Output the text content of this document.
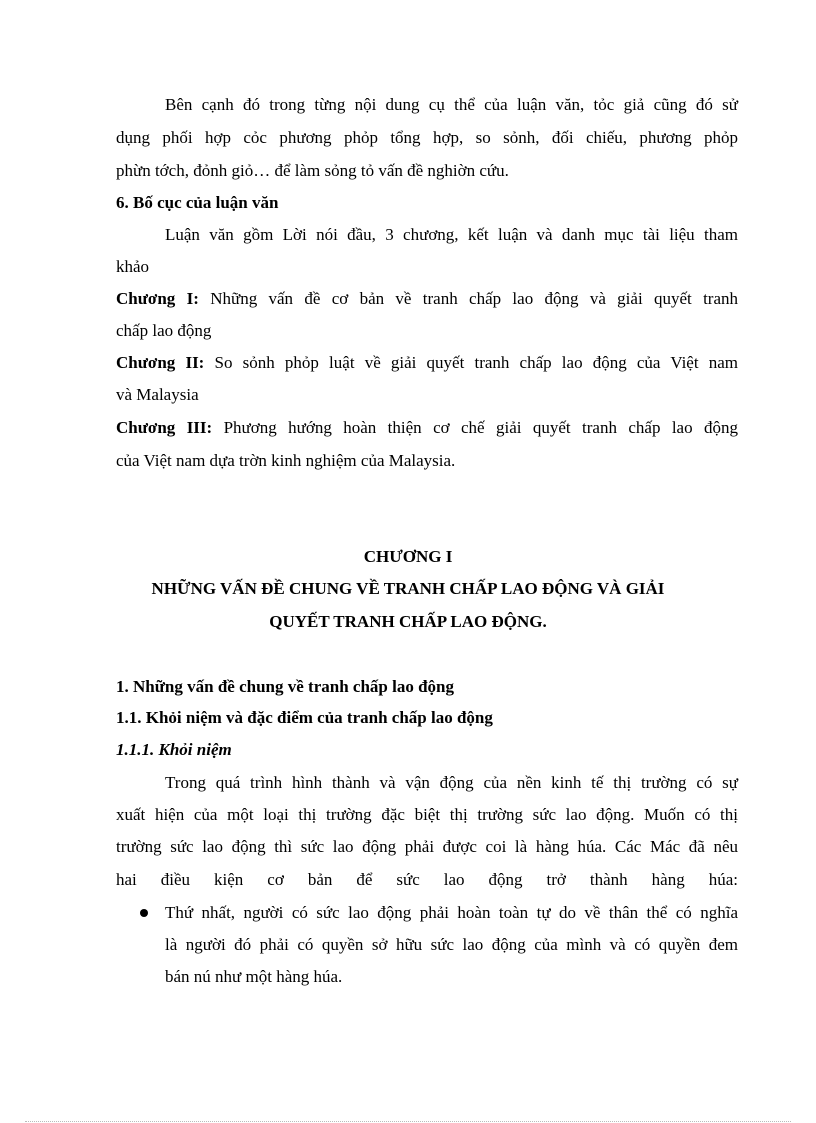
Bên cạnh đó trong từng nội dung cụ thể của luận văn, tỏc giả cũng đó sử
dụng phối hợp cỏc phương phỏp tổng hợp, so sỏnh, đối chiếu, phương phỏp
phừn tớch, đỏnh giỏ… để làm sỏng tỏ vấn đề nghiờn cứu.
6. Bố cục của luận văn
Luận văn gồm Lời nói đầu, 3 chương, kết luận và danh mục tài liệu tham
khảo
Chương I: Những vấn đề cơ bản về tranh chấp lao động và giải quyết tranh
chấp lao động
Chương II: So sỏnh phỏp luật về giải quyết tranh chấp lao động của Việt nam
và Malaysia
Chương III: Phương hướng hoàn thiện cơ chế giải quyết tranh chấp lao động
của Việt nam dựa trờn kinh nghiệm của Malaysia.
CHƯƠNG I
NHỮNG VẤN ĐỀ CHUNG VỀ TRANH CHẤP LAO ĐỘNG VÀ GIẢI
QUYẾT TRANH CHẤP LAO ĐỘNG.
1. Những vấn đề chung về tranh chấp lao động
1.1. Khỏi niệm và đặc điểm của tranh chấp lao động
1.1.1. Khỏi niệm
Trong quá trình hình thành và vận động của nền kinh tế thị trường có sự
xuất hiện của một loại thị trường đặc biệt thị trường sức lao động. Muốn có thị
trường sức lao động thì sức lao động phải được coi là hàng húa. Các Mác đã nêu
hai điều kiện cơ bản để sức lao động trở thành hàng húa:
Thứ nhất, người có sức lao động phải hoàn toàn tự do về thân thể có nghĩa
là người đó phải có quyền sở hữu sức lao động của mình và có quyền đem
bán nú như một hàng húa.
